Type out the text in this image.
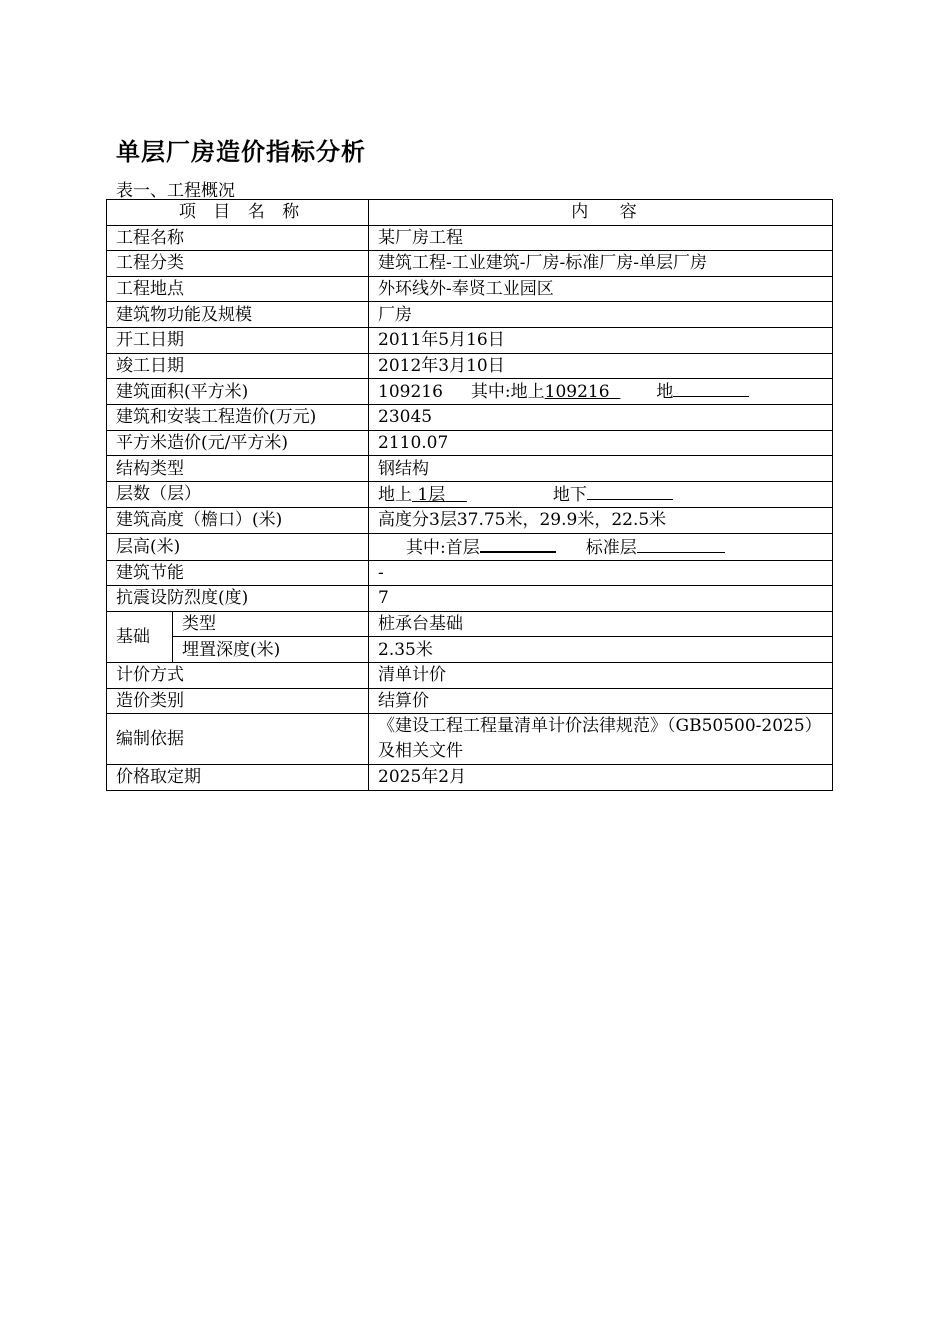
单层厂房造价指标分析
表一、工程概况
项 目 名 称		内    容
工程名称		某厂房工程
工程分类		建筑工程-工业建筑-厂房-标准厂房-单层厂房
工程地点		外环线外-奉贤工业园区
建筑物功能及规模		厂房
开工日期		2011年5月16日
竣工日期		2012年3月10日
建筑面积(平方米)		109216 其中:地上109216 地
建筑和安装工程造价(万元)		23045
平方米造价(元/平方米)		2110.07
结构类型		钢结构
层数（层）		地上 1层 地下
建筑高度（檐口）(米)		高度分3层37.75米，29.9米，22.5米
层高(米)		其中:首层 标准层
建筑节能		-
抗震设防烈度(度)		7
基础	类型	桩承台基础
	埋置深度(米)	2.35米
计价方式		清单计价
造价类别		结算价
编制依据		《建设工程工程量清单计价法律规范》（GB50500-2025）及相关文件
价格取定期		2025年2月
